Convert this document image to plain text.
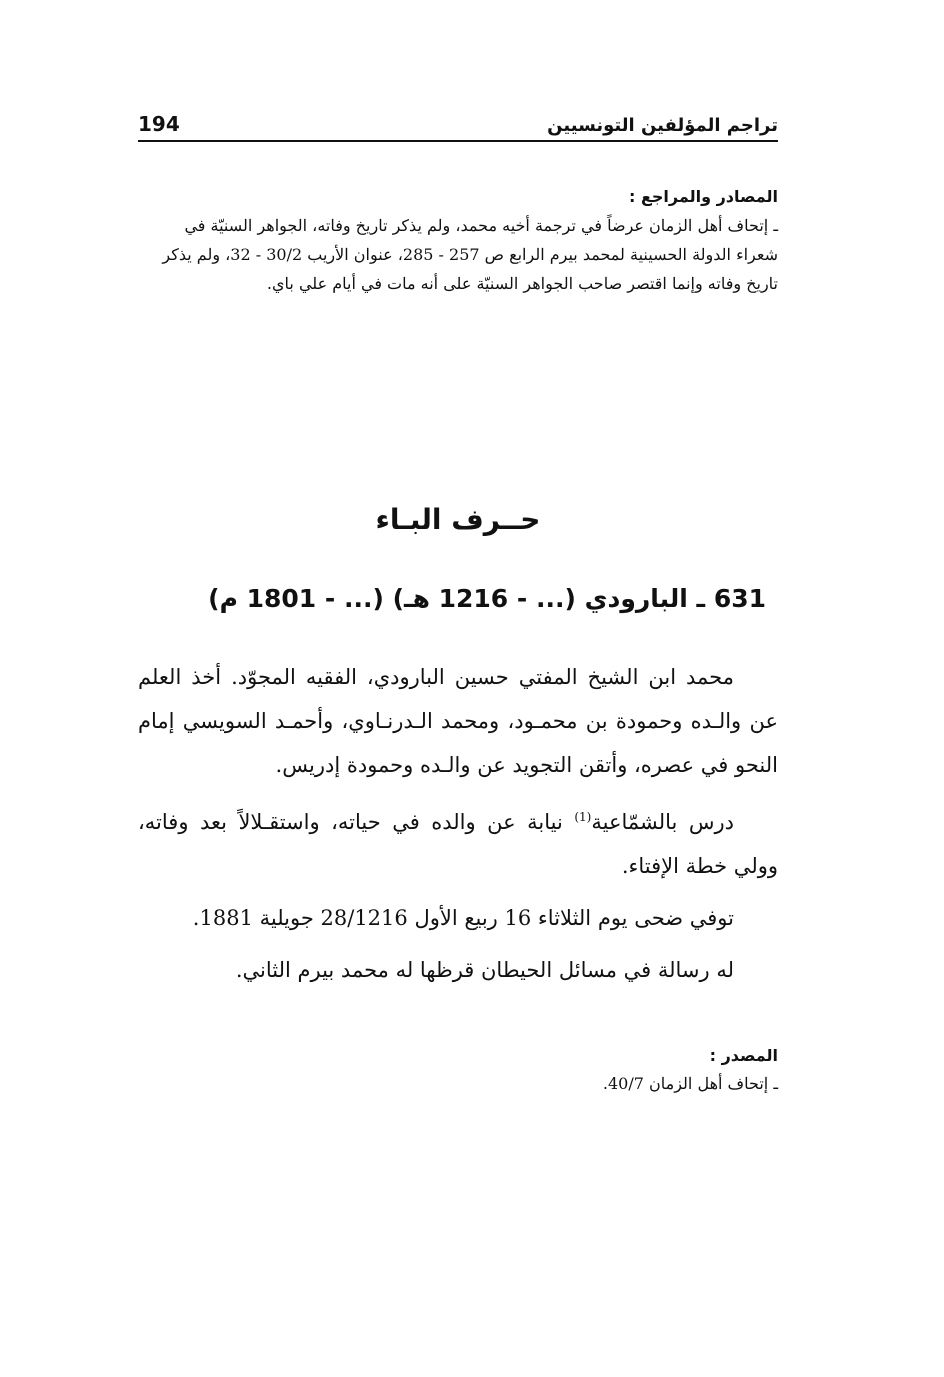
تراجم المؤلفين التونسيين
194
المصادر والمراجع :
ـ إتحاف أهل الزمان عرضاً في ترجمة أخيه محمد، ولم يذكر تاريخ وفاته، الجواهر السنيّة في شعراء الدولة الحسينية لمحمد بيرم الرابع ص 257 - 285، عنوان الأريب 30/2 - 32، ولم يذكر تاريخ وفاته وإنما اقتصر صاحب الجواهر السنيّة على أنه مات في أيام علي باي.
حــرف البـاء
631 ـ البارودي (... - 1216 هـ) (... - 1801 م)

محمد ابن الشيخ المفتي حسين البارودي، الفقيه المجوّد. أخذ العلم عن والـده وحمودة بن محمـود، ومحمد الـدرنـاوي، وأحمـد السويسي إمام النحو في عصره، وأتقن التجويد عن والـده وحمودة إدريس.

درس بالشمّاعية$^{(1)}$ نيابة عن والده في حياته، واستقـلالاً بعد وفاته، وولي خطة الإفتاء.

توفي ضحى يوم الثلاثاء 16 ربيع الأول 28/1216 جويلية 1881.

له رسالة في مسائل الحيطان قرظها له محمد بيرم الثاني.

المصدر :
ـ إتحاف أهل الزمان 40/7.
